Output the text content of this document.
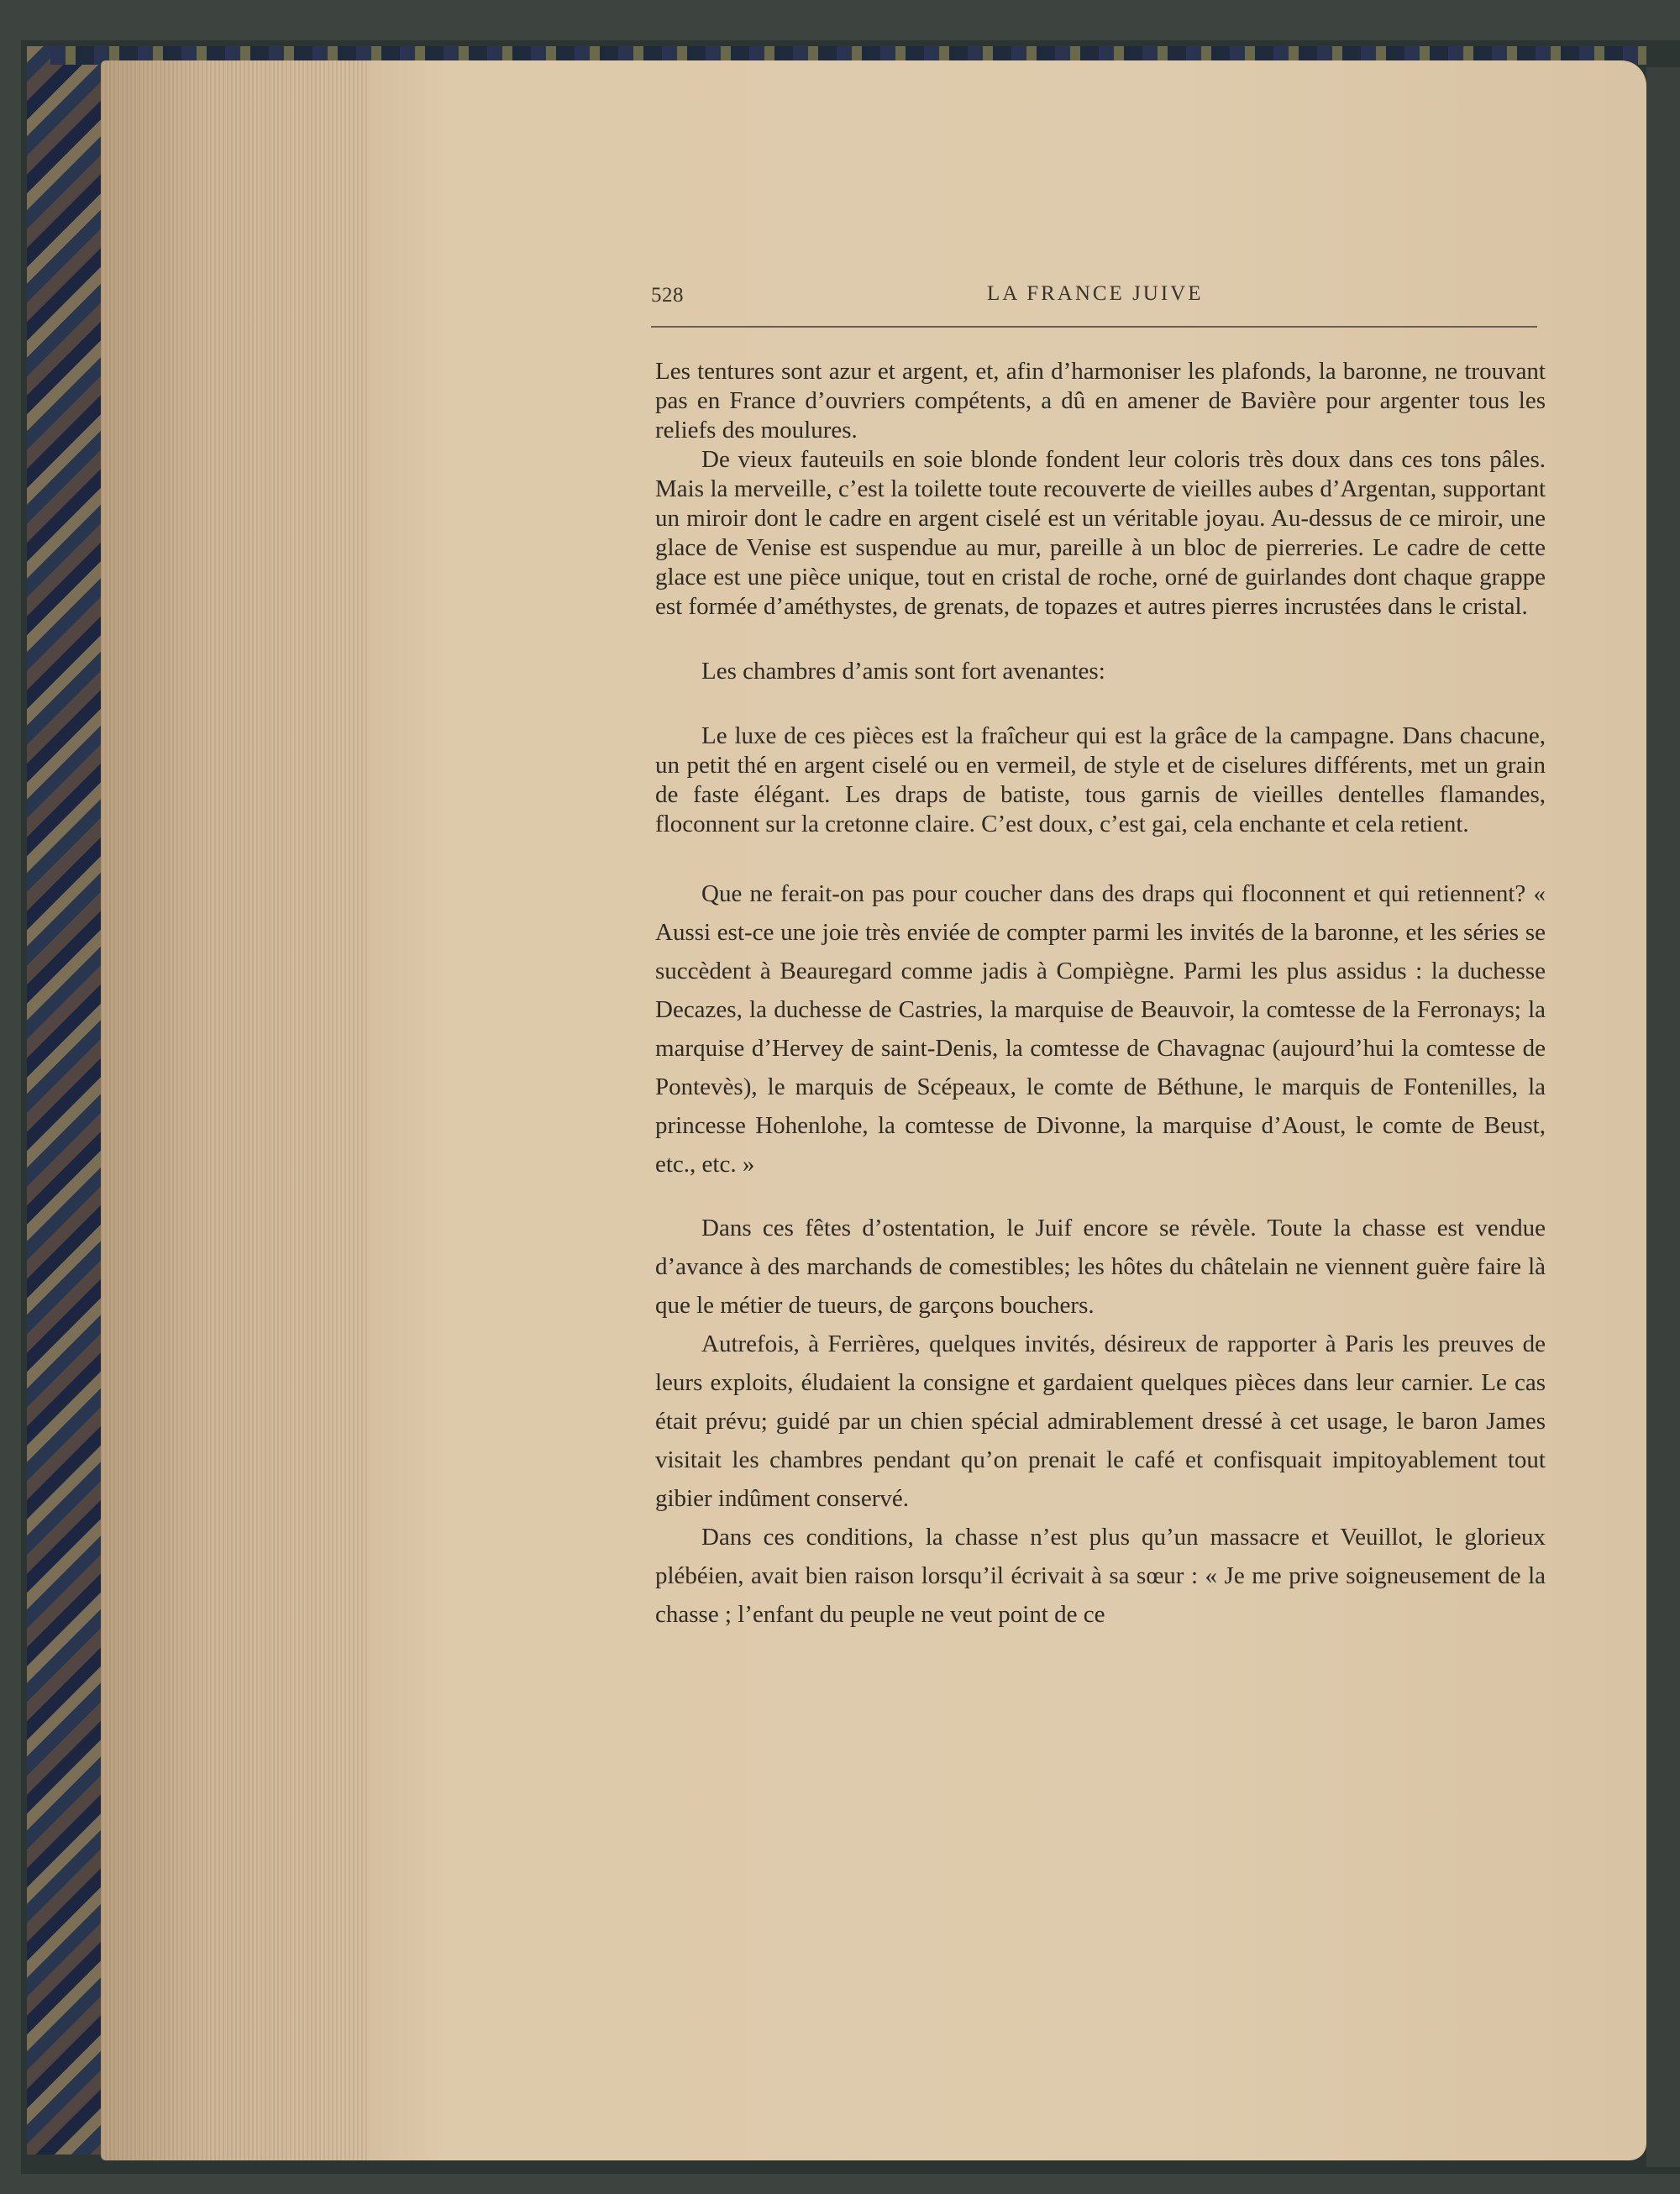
528	LA FRANCE JUIVE

Les tentures sont azur et argent, et, afin d’harmoniser les plafonds, la baronne, ne trouvant pas en France d’ouvriers compétents, a dû en amener de Bavière pour argenter tous les reliefs des moulures.

De vieux fauteuils en soie blonde fondent leur coloris très doux dans ces tons pâles. Mais la merveille, c’est la toilette toute recouverte de vieilles aubes d’Argentan, supportant un miroir dont le cadre en argent ciselé est un véritable joyau. Au-dessus de ce miroir, une glace de Venise est suspendue au mur, pareille à un bloc de pierreries. Le cadre de cette glace est une pièce unique, tout en cristal de roche, orné de guirlandes dont chaque grappe est formée d’améthystes, de grenats, de topazes et autres pierres incrustées dans le cristal.

Les chambres d’amis sont fort avenantes:

Le luxe de ces pièces est la fraîcheur qui est la grâce de la campagne. Dans chacune, un petit thé en argent ciselé ou en vermeil, de style et de ciselures différents, met un grain de faste élégant. Les draps de batiste, tous garnis de vieilles dentelles flamandes, floconnent sur la cretonne claire. C’est doux, c’est gai, cela enchante et cela retient.

Que ne ferait-on pas pour coucher dans des draps qui floconnent et qui retiennent? « Aussi est-ce une joie très enviée de compter parmi les invités de la baronne, et les séries se succèdent à Beauregard comme jadis à Compiègne. Parmi les plus assidus : la duchesse Decazes, la duchesse de Castries, la marquise de Beauvoir, la comtesse de la Ferronays; la marquise d’Hervey de saint-Denis, la comtesse de Chavagnac (aujourd’hui la comtesse de Pontevès), le marquis de Scépeaux, le comte de Béthune, le marquis de Fontenilles, la princesse Hohenlohe, la comtesse de Divonne, la marquise d’Aoust, le comte de Beust, etc., etc. »

Dans ces fêtes d’ostentation, le Juif encore se révèle. Toute la chasse est vendue d’avance à des marchands de comestibles; les hôtes du châtelain ne viennent guère faire là que le métier de tueurs, de garçons bouchers.

Autrefois, à Ferrières, quelques invités, désireux de rapporter à Paris les preuves de leurs exploits, éludaient la consigne et gardaient quelques pièces dans leur carnier. Le cas était prévu; guidé par un chien spécial admirablement dressé à cet usage, le baron James visitait les chambres pendant qu’on prenait le café et confisquait impitoyablement tout gibier indûment conservé.

Dans ces conditions, la chasse n’est plus qu’un massacre et Veuillot, le glorieux plébéien, avait bien raison lorsqu’il écrivait à sa sœur : « Je me prive soigneusement de la chasse ; l’enfant du peuple ne veut point de ce
